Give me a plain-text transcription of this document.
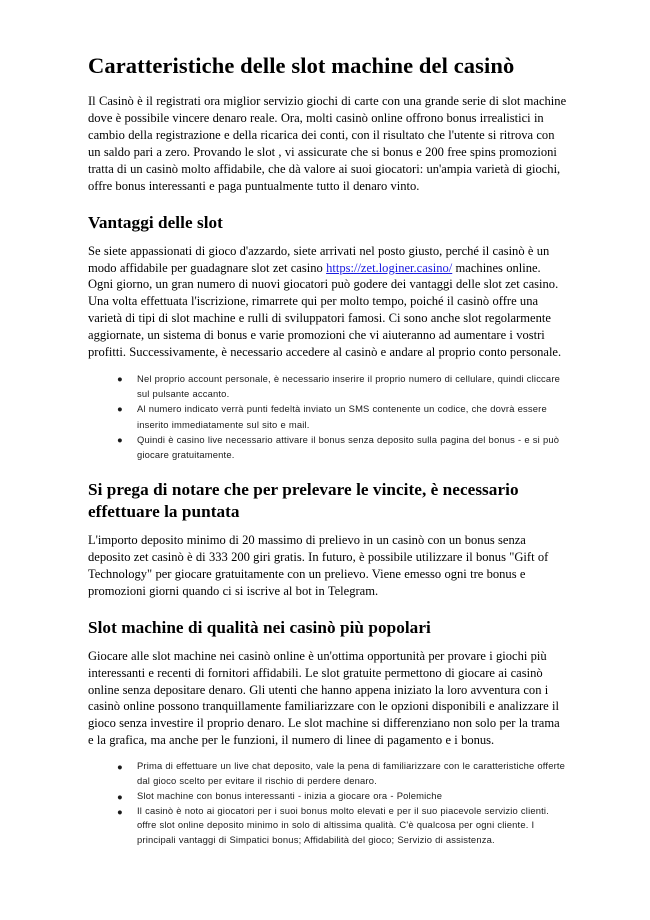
Caratteristiche delle slot machine del casinò

Il Casinò è il registrati ora miglior servizio giochi di carte con una grande serie di slot machine dove è possibile vincere denaro reale. Ora, molti casinò online offrono bonus irrealistici in cambio della registrazione e della ricarica dei conti, con il risultato che l'utente si ritrova con un saldo pari a zero. Provando le slot , vi assicurate che si bonus e 200 free spins promozioni tratta di un casinò molto affidabile, che dà valore ai suoi giocatori: un'ampia varietà di giochi, offre bonus interessanti e paga puntualmente tutto il denaro vinto.

Vantaggi delle slot

Se siete appassionati di gioco d'azzardo, siete arrivati nel posto giusto, perché il casinò è un modo affidabile per guadagnare slot zet casino https://zet.loginer.casino/ machines online. Ogni giorno, un gran numero di nuovi giocatori può godere dei vantaggi delle slot zet casino. Una volta effettuata l'iscrizione, rimarrete qui per molto tempo, poiché il casinò offre una varietà di tipi di slot machine e rulli di sviluppatori famosi. Ci sono anche slot regolarmente aggiornate, un sistema di bonus e varie promozioni che vi aiuteranno ad aumentare i vostri profitti. Successivamente, è necessario accedere al casinò e andare al proprio conto personale.

● Nel proprio account personale, è necessario inserire il proprio numero di cellulare, quindi cliccare sul pulsante accanto.
● Al numero indicato verrà punti fedeltà inviato un SMS contenente un codice, che dovrà essere inserito immediatamente sul sito e mail.
● Quindi è casino live necessario attivare il bonus senza deposito sulla pagina del bonus - e si può giocare gratuitamente.
Si prega di notare che per prelevare le vincite, è necessario effettuare la puntata

L'importo deposito minimo di 20 massimo di prelievo in un casinò con un bonus senza deposito zet casinò è di 333 200 giri gratis. In futuro, è possibile utilizzare il bonus "Gift of Technology" per giocare gratuitamente con un prelievo. Viene emesso ogni tre bonus e promozioni giorni quando ci si iscrive al bot in Telegram.

Slot machine di qualità nei casinò più popolari

Giocare alle slot machine nei casinò online è un'ottima opportunità per provare i giochi più interessanti e recenti di fornitori affidabili. Le slot gratuite permettono di giocare ai casinò online senza depositare denaro. Gli utenti che hanno appena iniziato la loro avventura con i casinò online possono tranquillamente familiarizzare con le opzioni disponibili e analizzare il gioco senza investire il proprio denaro. Le slot machine si differenziano non solo per la trama e la grafica, ma anche per le funzioni, il numero di linee di pagamento e i bonus.

● Prima di effettuare un live chat deposito, vale la pena di familiarizzare con le caratteristiche offerte dal gioco scelto per evitare il rischio di perdere denaro.
● Slot machine con bonus interessanti - inizia a giocare ora - Polemiche
● Il casinò è noto ai giocatori per i suoi bonus molto elevati e per il suo piacevole servizio clienti. offre slot online deposito minimo in solo di altissima qualità. C'è qualcosa per ogni cliente. I principali vantaggi di Simpatici bonus; Affidabilità del gioco; Servizio di assistenza.
